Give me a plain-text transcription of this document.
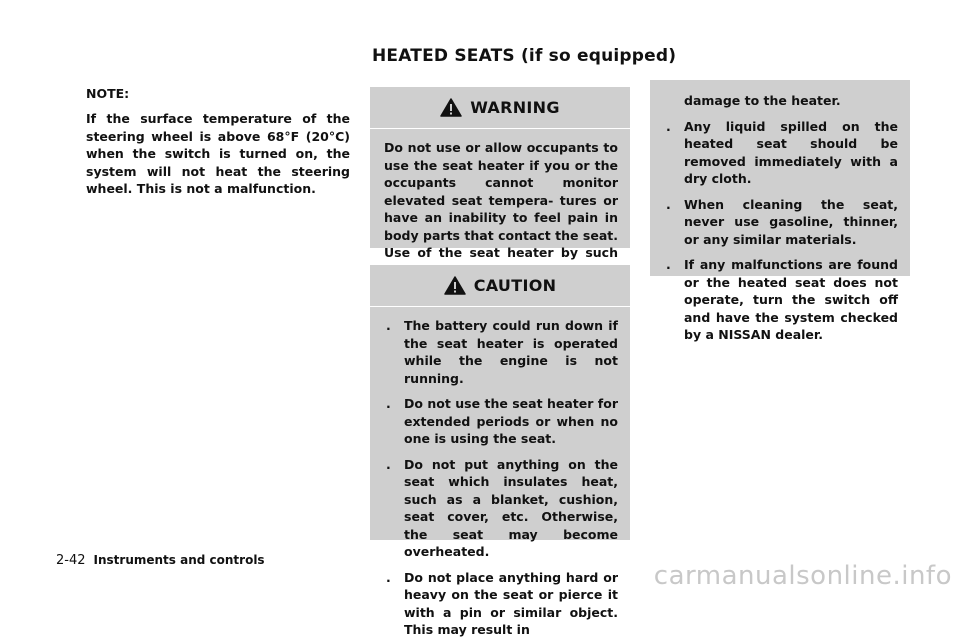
HEATED SEATS (if so equipped)

NOTE:

If the surface temperature of the steering wheel is above 68°F (20°C) when the switch is turned on, the system will not heat the steering wheel. This is not a malfunction.

WARNING

Do not use or allow occupants to use the seat heater if you or the occupants cannot monitor elevated seat tempera- tures or have an inability to feel pain in body parts that contact the seat. Use of the seat heater by such

CAUTION
. The battery could run down if the seat heater is operated while the engine is not running.
. Do not use the seat heater for extended periods or when no one is using the seat.
. Do not put anything on the seat which insulates heat, such as a blanket, cushion, seat cover, etc. Otherwise, the seat may become overheated.
. Do not place anything hard or heavy on the seat or pierce it with a pin or similar object. This may result in

damage to the heater.

. Any liquid spilled on the heated seat should be removed immediately with a dry cloth.
. When cleaning the seat, never use gasoline, thinner, or any similar materials.
. If any malfunctions are found or the heated seat does not operate, turn the switch off and have the system checked by a NISSAN dealer.
2-42 Instruments and controls
carmanualsonline.info
